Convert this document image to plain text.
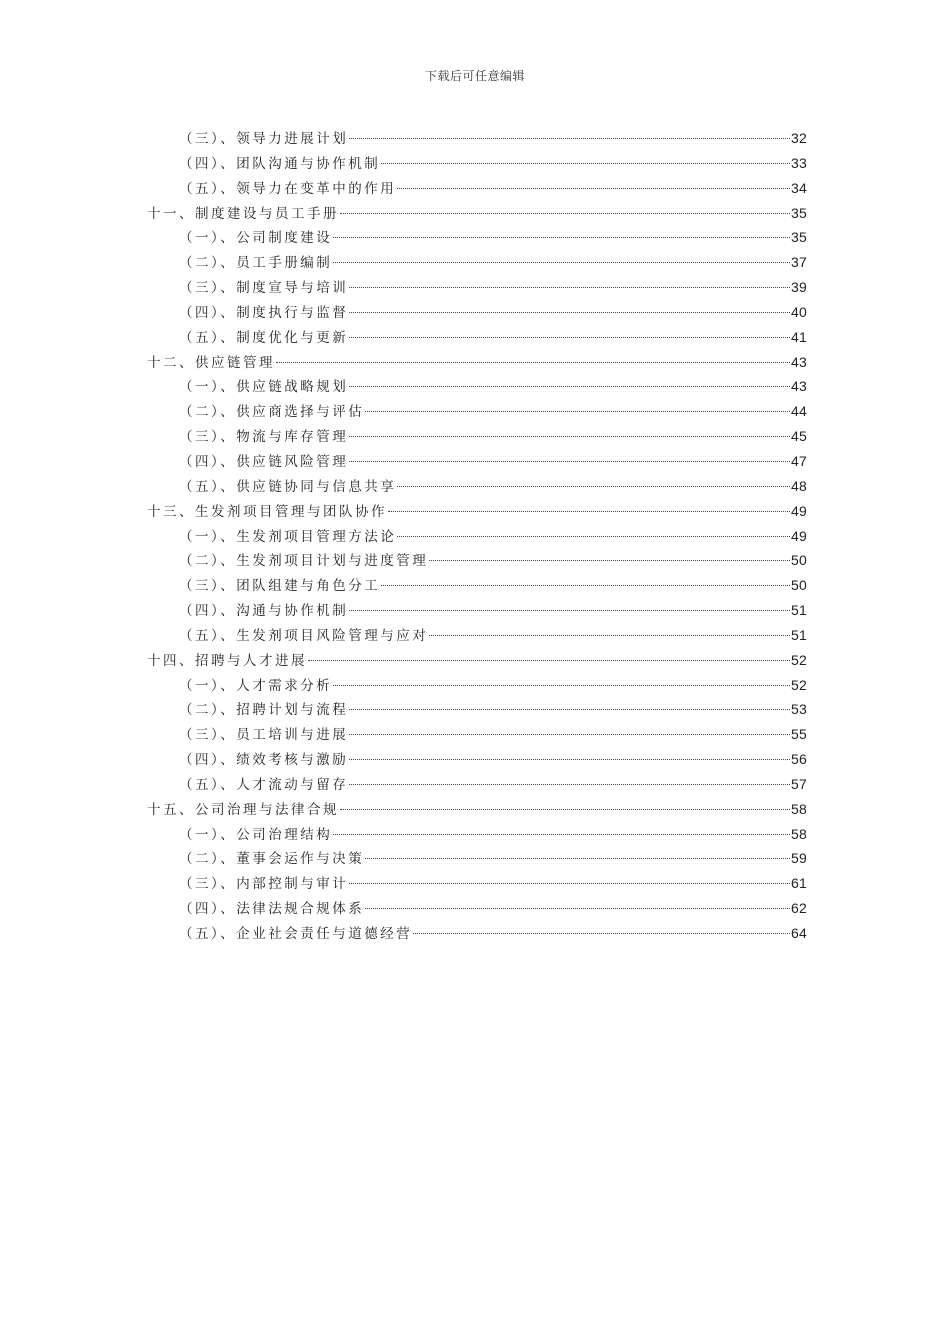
下载后可任意编辑
（三）、领导力进展计划	32
（四）、团队沟通与协作机制	33
（五）、领导力在变革中的作用	34
十一、制度建设与员工手册	35
（一）、公司制度建设	35
（二）、员工手册编制	37
（三）、制度宣导与培训	39
（四）、制度执行与监督	40
（五）、制度优化与更新	41
十二、供应链管理	43
（一）、供应链战略规划	43
（二）、供应商选择与评估	44
（三）、物流与库存管理	45
（四）、供应链风险管理	47
（五）、供应链协同与信息共享	48
十三、生发剂项目管理与团队协作	49
（一）、生发剂项目管理方法论	49
（二）、生发剂项目计划与进度管理	50
（三）、团队组建与角色分工	50
（四）、沟通与协作机制	51
（五）、生发剂项目风险管理与应对	51
十四、招聘与人才进展	52
（一）、人才需求分析	52
（二）、招聘计划与流程	53
（三）、员工培训与进展	55
（四）、绩效考核与激励	56
（五）、人才流动与留存	57
十五、公司治理与法律合规	58
（一）、公司治理结构	58
（二）、董事会运作与决策	59
（三）、内部控制与审计	61
（四）、法律法规合规体系	62
（五）、企业社会责任与道德经营	64
